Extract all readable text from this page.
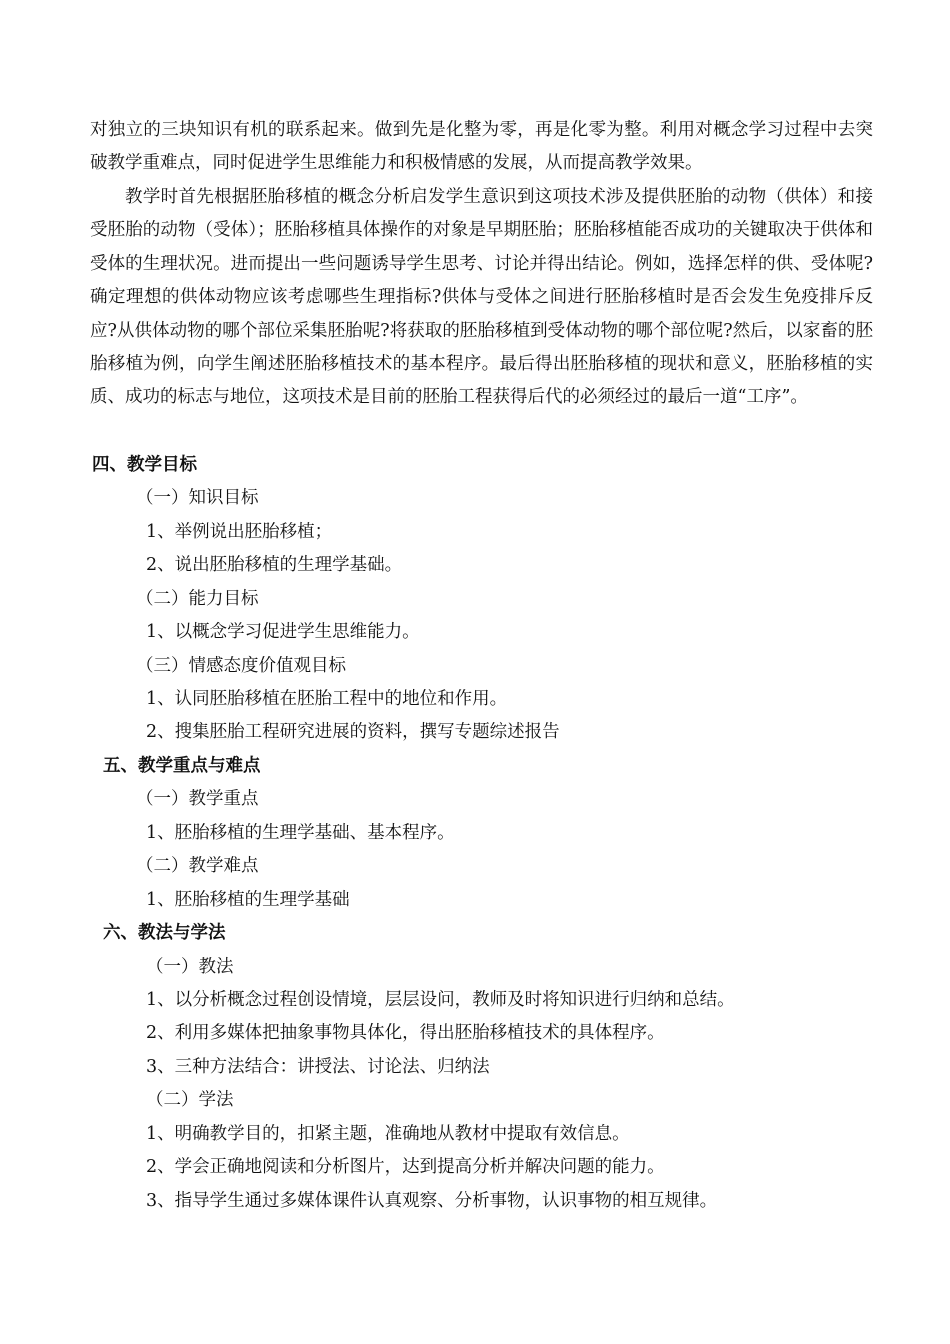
对独立的三块知识有机的联系起来。做到先是化整为零，再是化零为整。利用对概念学习过程中去突破教学重难点，同时促进学生思维能力和积极情感的发展，从而提高教学效果。

教学时首先根据胚胎移植的概念分析启发学生意识到这项技术涉及提供胚胎的动物（供体）和接受胚胎的动物（受体）；胚胎移植具体操作的对象是早期胚胎；胚胎移植能否成功的关键取决于供体和受体的生理状况。进而提出一些问题诱导学生思考、讨论并得出结论。例如，选择怎样的供、受体呢?确定理想的供体动物应该考虑哪些生理指标?供体与受体之间进行胚胎移植时是否会发生免疫排斥反应?从供体动物的哪个部位采集胚胎呢?将获取的胚胎移植到受体动物的哪个部位呢?然后，以家畜的胚胎移植为例，向学生阐述胚胎移植技术的基本程序。最后得出胚胎移植的现状和意义，胚胎移植的实质、成功的标志与地位，这项技术是目前的胚胎工程获得后代的必须经过的最后一道“工序”。

四、教学目标

（一）知识目标

1、举例说出胚胎移植；

2、说出胚胎移植的生理学基础。

（二）能力目标

1、以概念学习促进学生思维能力。

（三）情感态度价值观目标

1、认同胚胎移植在胚胎工程中的地位和作用。

2、搜集胚胎工程研究进展的资料，撰写专题综述报告

五、教学重点与难点

（一）教学重点

1、胚胎移植的生理学基础、基本程序。

（二）教学难点

1、胚胎移植的生理学基础

六、教法与学法

（一）教法

1、以分析概念过程创设情境，层层设问，教师及时将知识进行归纳和总结。

2、利用多媒体把抽象事物具体化，得出胚胎移植技术的具体程序。

3、三种方法结合：讲授法、讨论法、归纳法

（二）学法

1、明确教学目的，扣紧主题，准确地从教材中提取有效信息。

2、学会正确地阅读和分析图片，达到提高分析并解决问题的能力。

3、指导学生通过多媒体课件认真观察、分析事物，认识事物的相互规律。
